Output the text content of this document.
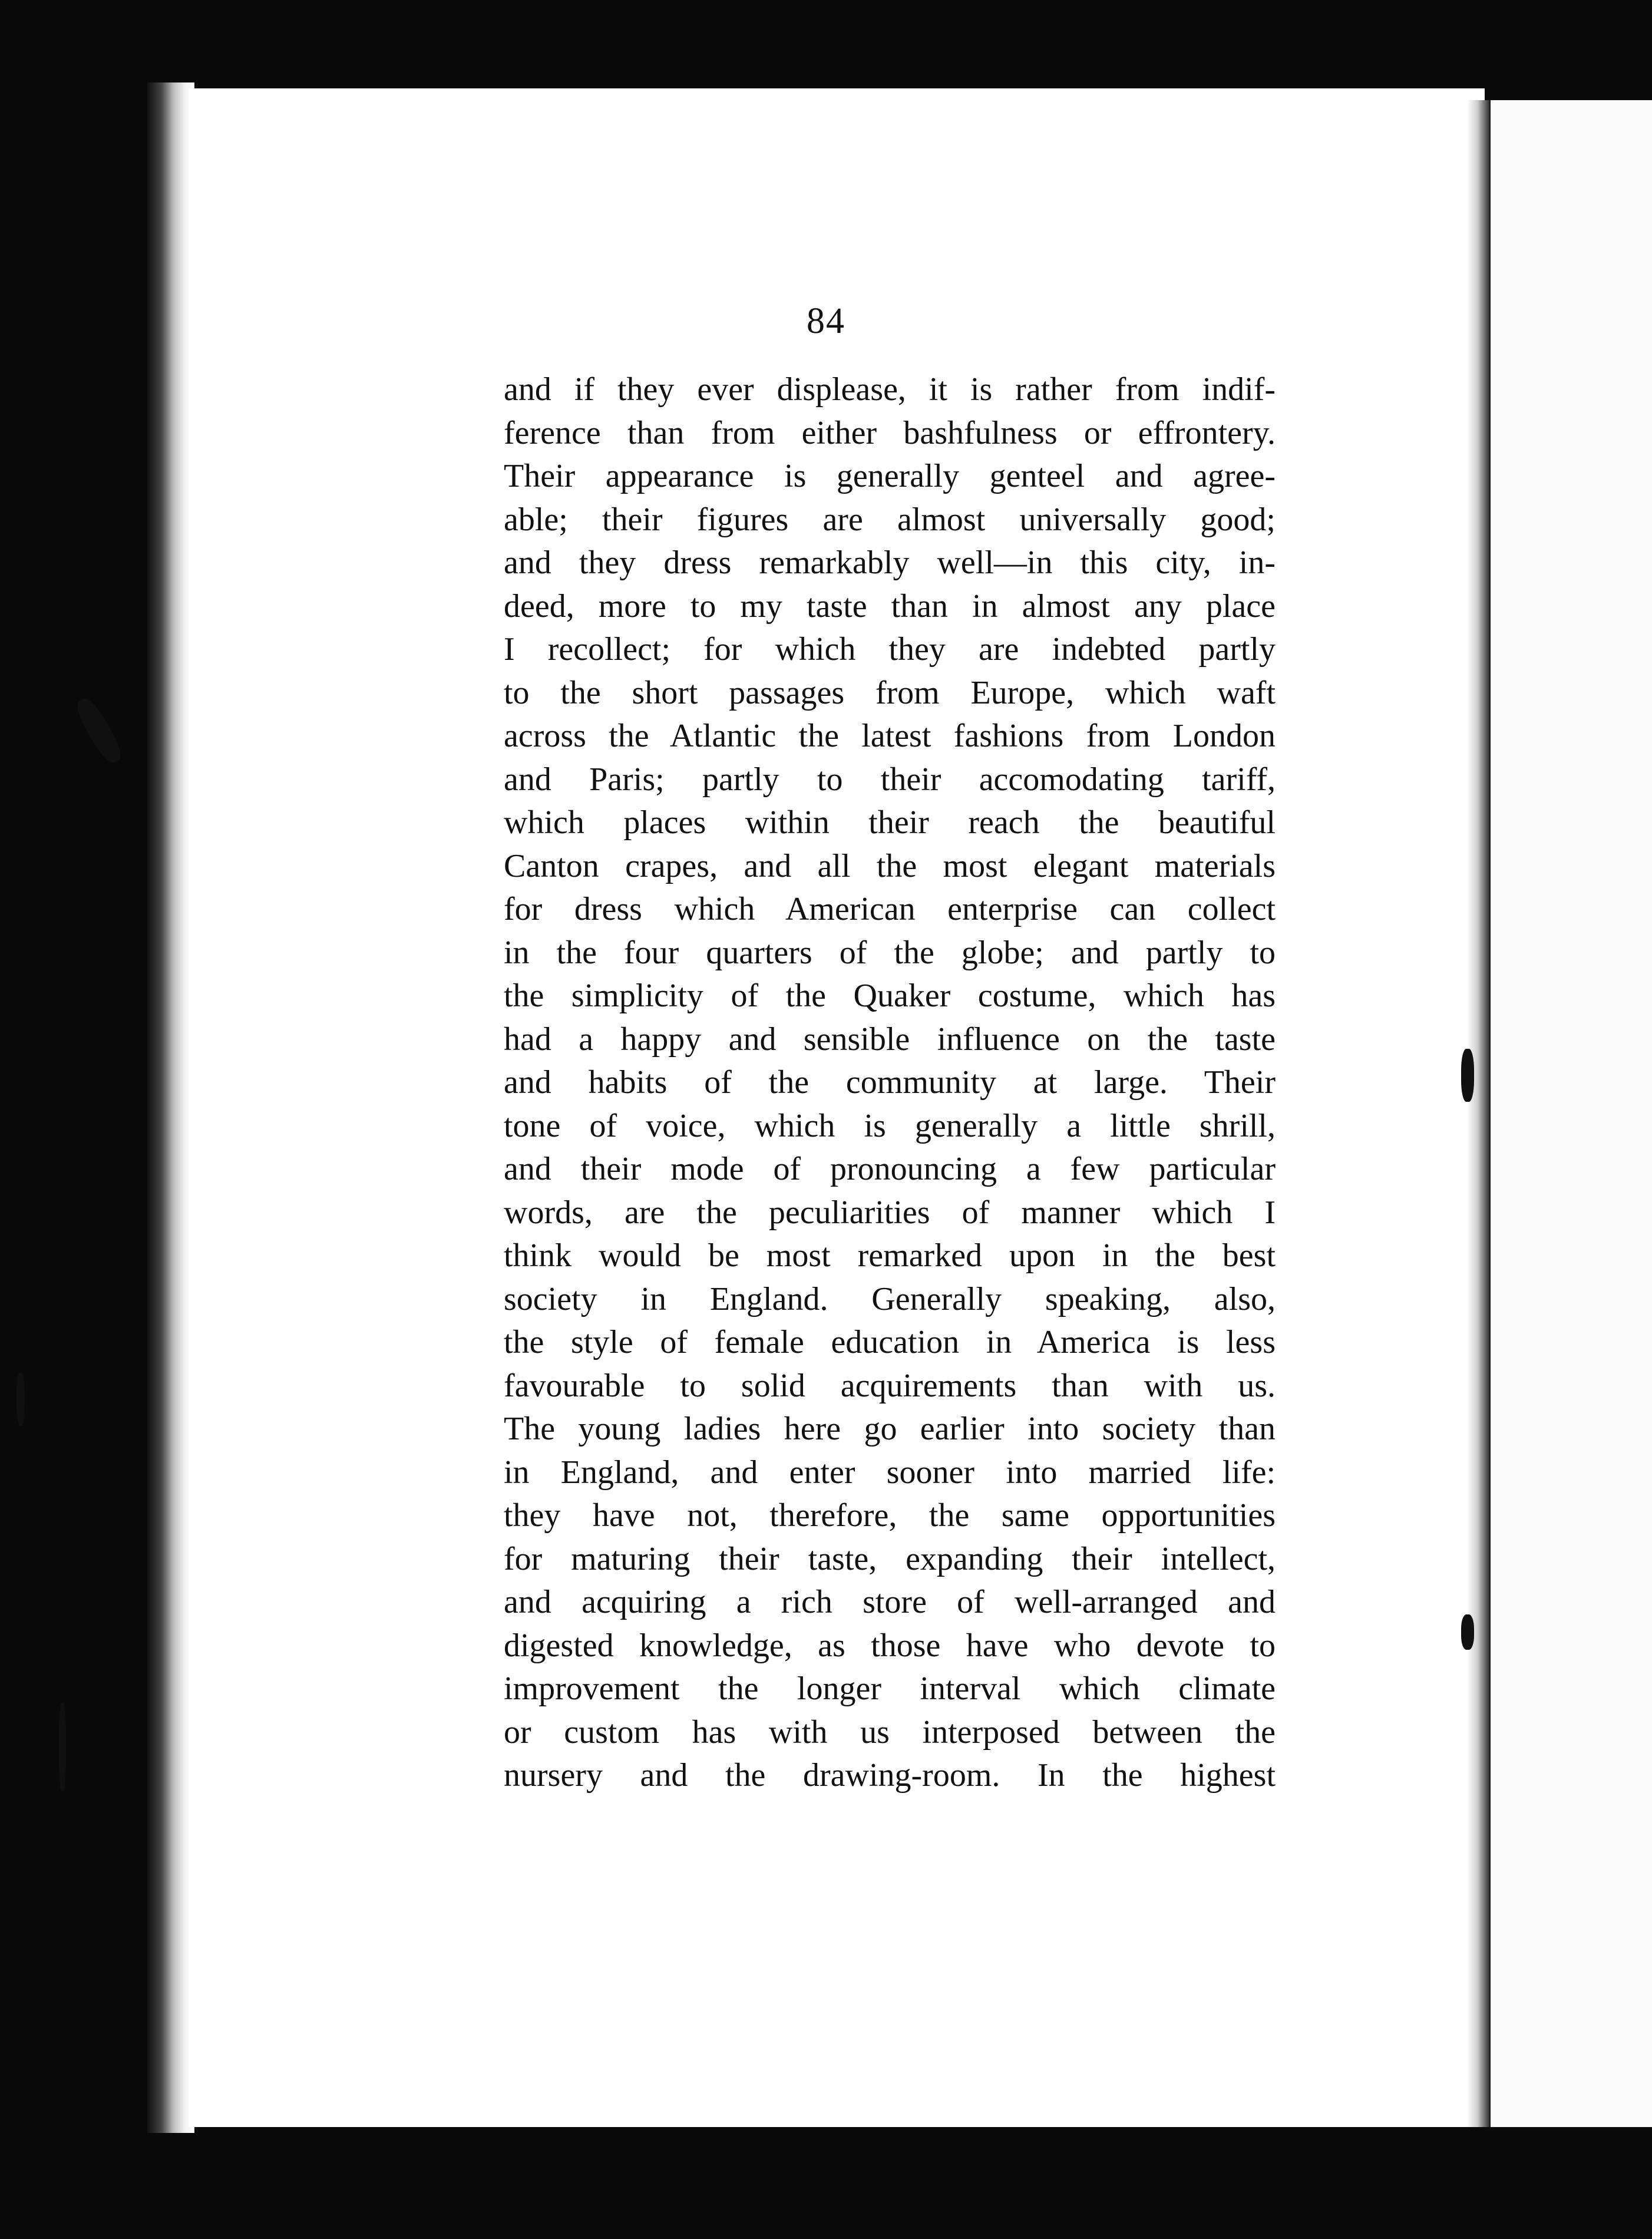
84
and if they ever displease, it is rather from indif-
ference than from either bashfulness or effrontery.
Their appearance is generally genteel and agree-
able; their figures are almost universally good;
and they dress remarkably well—in this city, in-
deed, more to my taste than in almost any place
I recollect; for which they are indebted partly
to the short passages from Europe, which waft
across the Atlantic the latest fashions from London
and Paris; partly to their accomodating tariff,
which places within their reach the beautiful
Canton crapes, and all the most elegant materials
for dress which American enterprise can collect
in the four quarters of the globe; and partly to
the simplicity of the Quaker costume, which has
had a happy and sensible influence on the taste
and habits of the community at large. Their
tone of voice, which is generally a little shrill,
and their mode of pronouncing a few particular
words, are the peculiarities of manner which I
think would be most remarked upon in the best
society in England. Generally speaking, also,
the style of female education in America is less
favourable to solid acquirements than with us.
The young ladies here go earlier into society than
in England, and enter sooner into married life:
they have not, therefore, the same opportunities
for maturing their taste, expanding their intellect,
and acquiring a rich store of well-arranged and
digested knowledge, as those have who devote to
improvement the longer interval which climate
or custom has with us interposed between the
nursery and the drawing-room. In the highest
